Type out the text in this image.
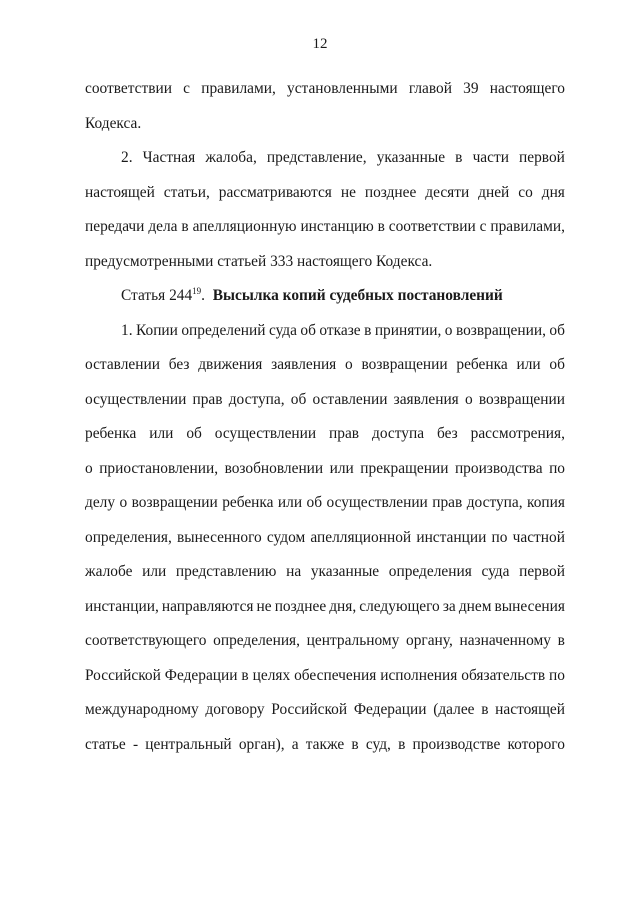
12
соответствии с правилами, установленными главой 39 настоящего
Кодекса.
2. Частная жалоба, представление, указанные в части первой
настоящей статьи, рассматриваются не позднее десяти дней со дня
передачи дела в апелляционную инстанцию в соответствии с правилами,
предусмотренными статьей 333 настоящего Кодекса.
Статья $244^{19}$. Высылка копий судебных постановлений
1. Копии определений суда об отказе в принятии, о возвращении, об
оставлении без движения заявления о возвращении ребенка или об
осуществлении прав доступа, об оставлении заявления о возвращении
ребенка или об осуществлении прав доступа без рассмотрения,
о приостановлении, возобновлении или прекращении производства по
делу о возвращении ребенка или об осуществлении прав доступа, копия
определения, вынесенного судом апелляционной инстанции по частной
жалобе или представлению на указанные определения суда первой
инстанции, направляются не позднее дня, следующего за днем вынесения
соответствующего определения, центральному органу, назначенному в
Российской Федерации в целях обеспечения исполнения обязательств по
международному договору Российской Федерации (далее в настоящей
статье - центральный орган), а также в суд, в производстве которого
